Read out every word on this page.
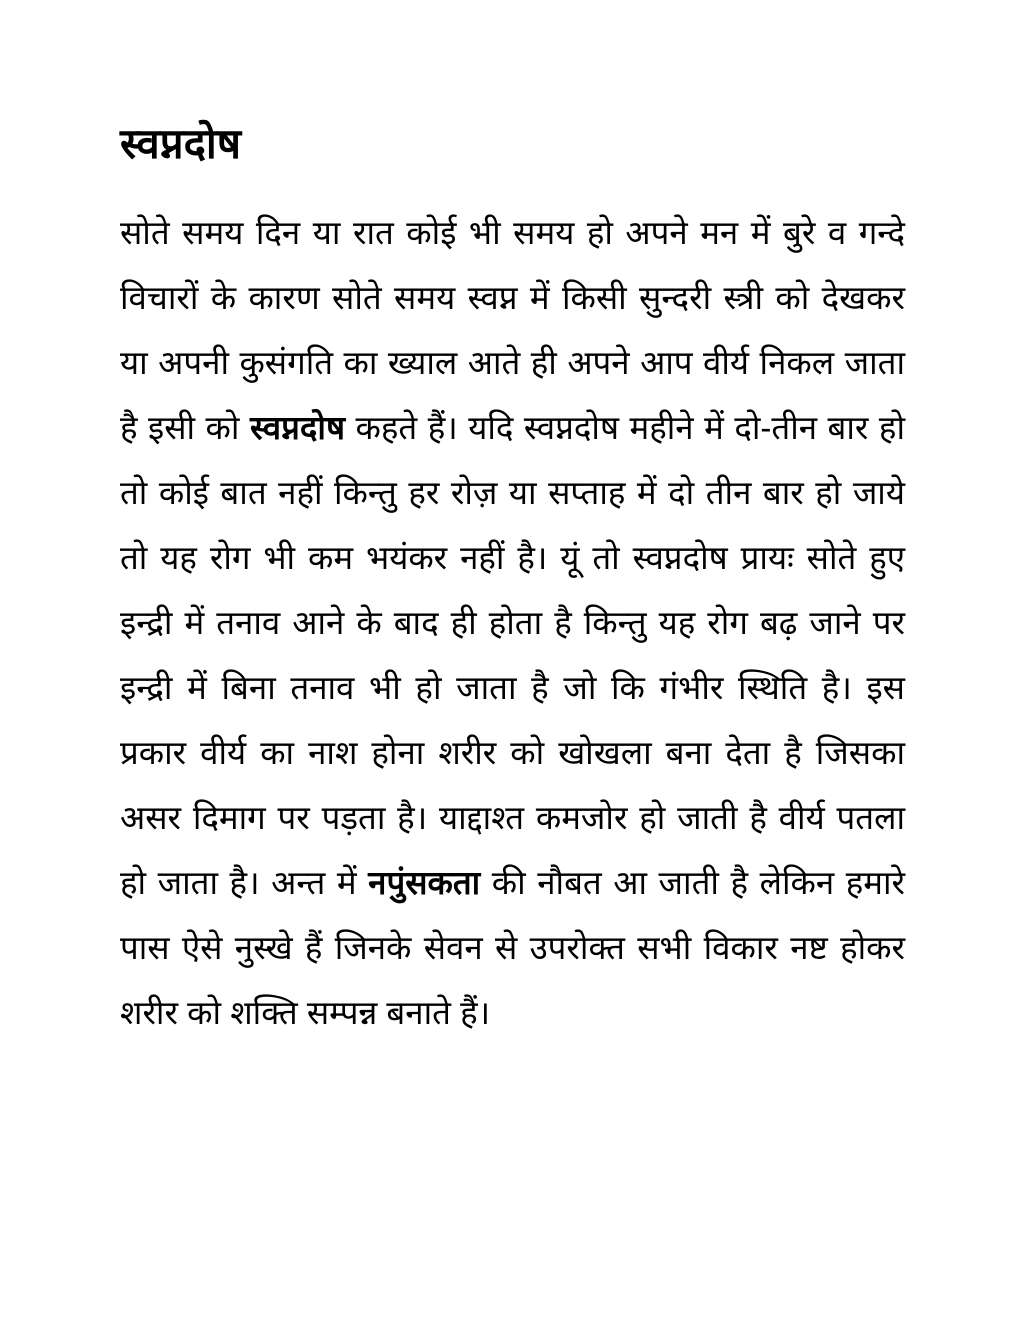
स्वप्नदोष

सोते समय दिन या रात कोई भी समय हो अपने मन में बुरे व गन्दे विचारों के कारण सोते समय स्वप्न में किसी सुन्दरी स्त्री को देखकर या अपनी कुसंगति का ख्याल आते ही अपने आप वीर्य निकल जाता है इसी को स्वप्नदोष कहते हैं। यदि स्वप्नदोष महीने में दो-तीन बार हो तो कोई बात नहीं किन्तु हर रोज़ या सप्ताह में दो तीन बार हो जाये तो यह रोग भी कम भयंकर नहीं है। यूं तो स्वप्नदोष प्रायः सोते हुए इन्द्री में तनाव आने के बाद ही होता है किन्तु यह रोग बढ़ जाने पर इन्द्री में बिना तनाव भी हो जाता है जो कि गंभीर स्थिति है। इस प्रकार वीर्य का नाश होना शरीर को खोखला बना देता है जिसका असर दिमाग पर पड़ता है। याद्दाश्त कमजोर हो जाती है वीर्य पतला हो जाता है। अन्त में नपुंसकता की नौबत आ जाती है लेकिन हमारे पास ऐसे नुस्खे हैं जिनके सेवन से उपरोक्त सभी विकार नष्ट होकर शरीर को शक्ति सम्पन्न बनाते हैं।
